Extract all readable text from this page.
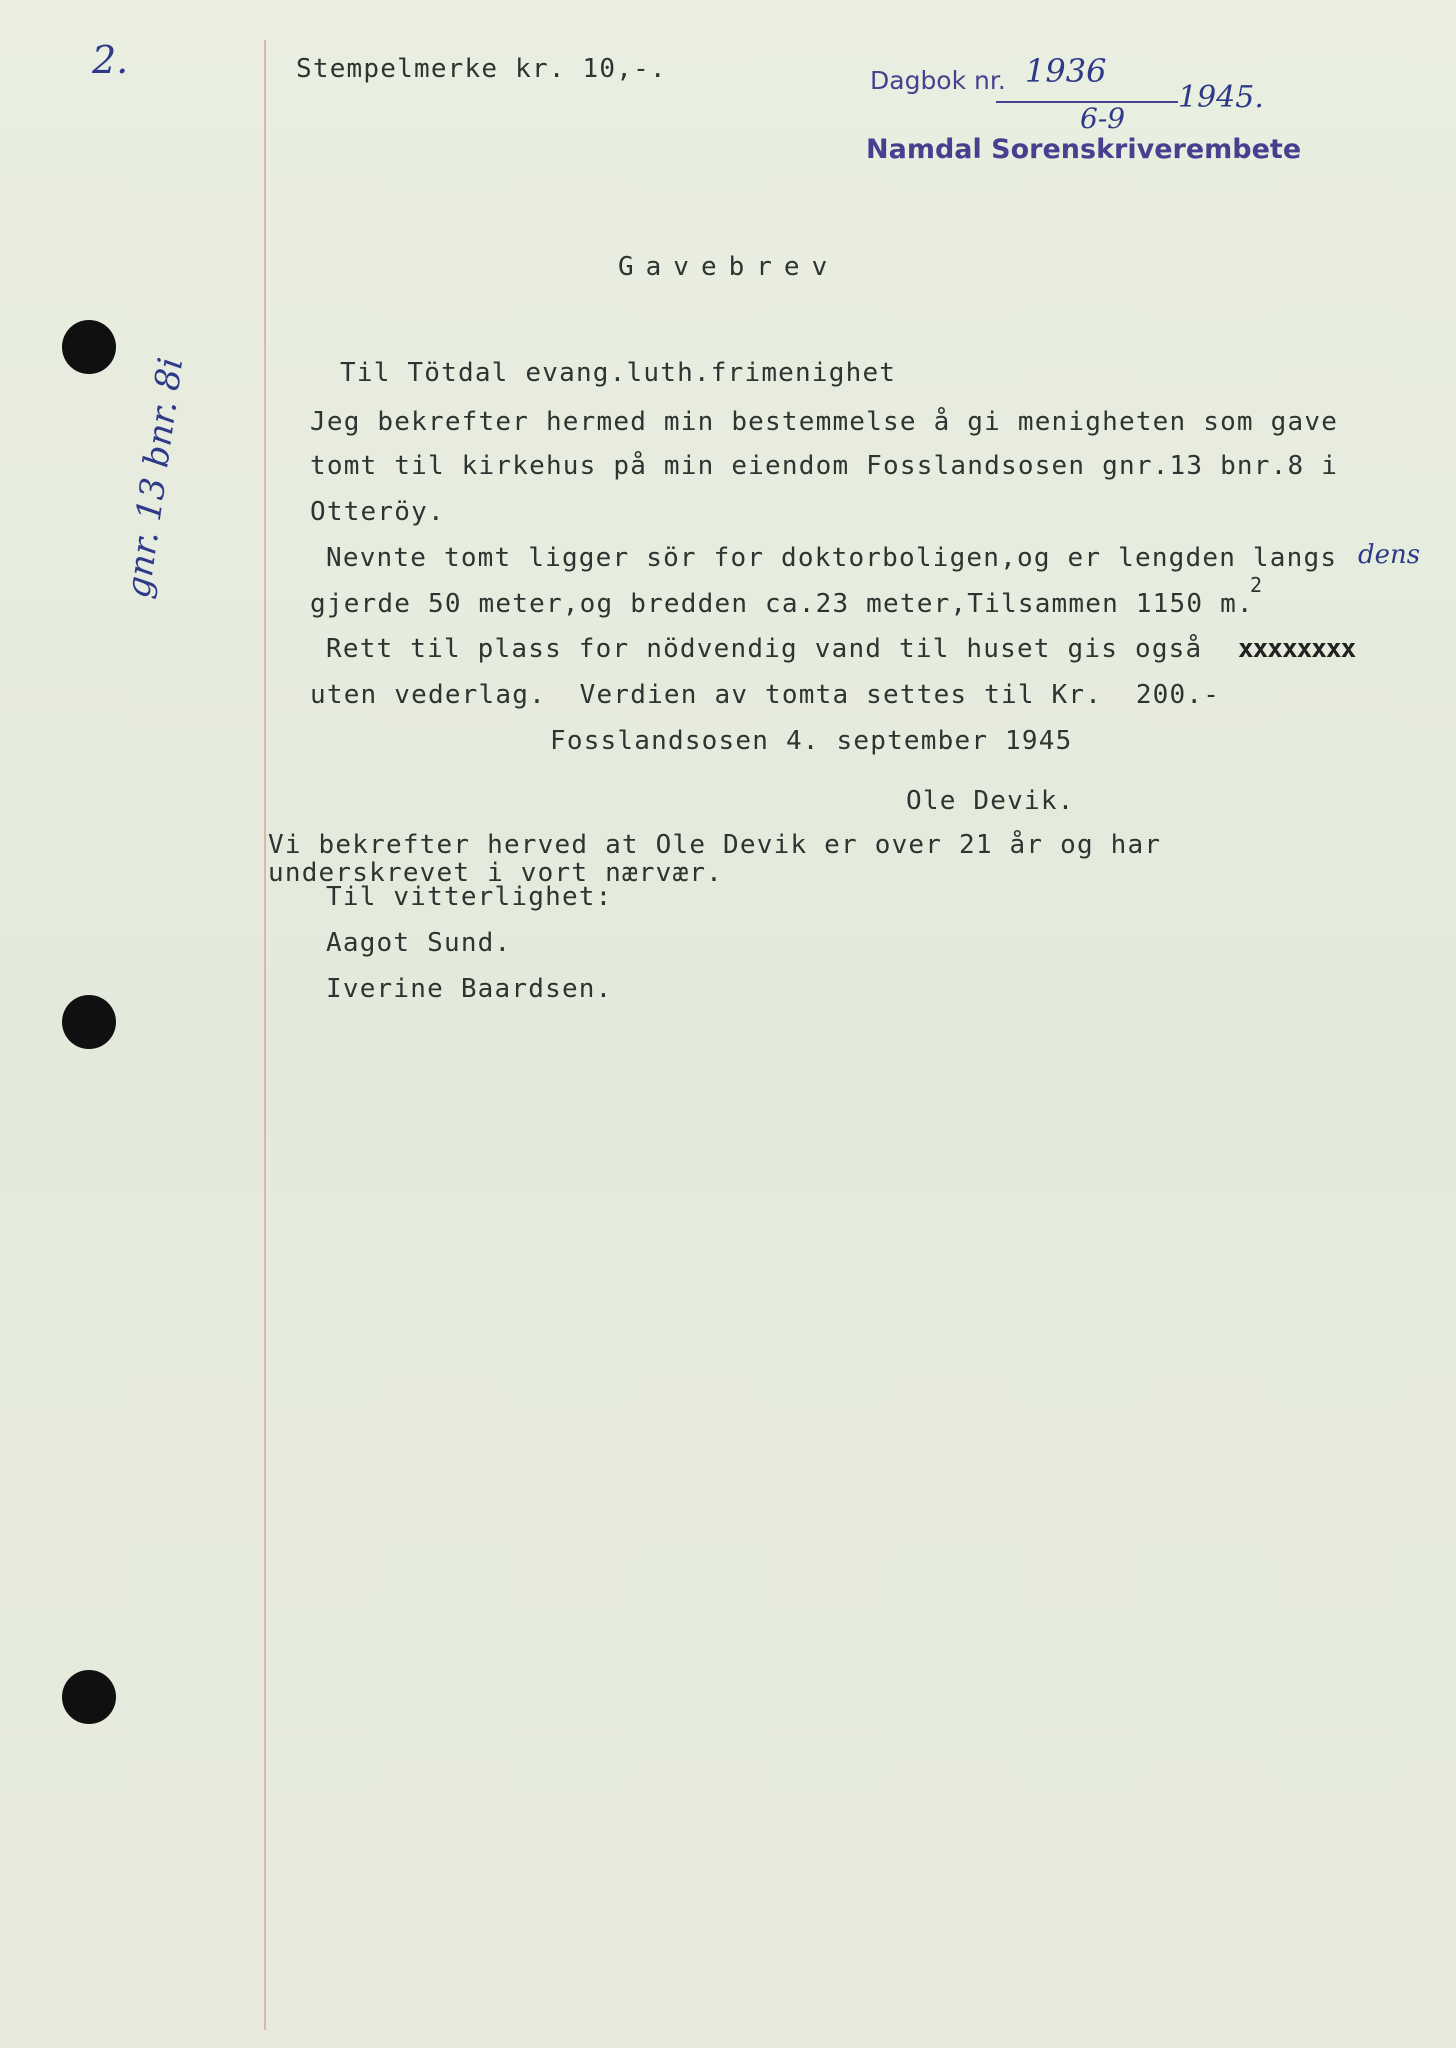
2.	Stempelmerke kr. 10,-.	Dagbok nr. 1936
1945.
6-9
Namdal Sorenskriverembete
Gavebrev
Til Tötdal evang.luth.frimenighet
Jeg bekrefter hermed min bestemmelse å gi menigheten som gave
tomt til kirkehus på min eiendom Fosslandsosen gnr.13 bnr.8 i
Otteröy.
Nevnte tomt ligger sör for doktorboligen,og er lengden langs dens
gjerde 50 meter,og bredden ca.23 meter,Tilsammen 1150 m.
2
Rett til plass for nödvendig vand til huset gis også xxxxxxxx
uten vederlag.  Verdien av tomta settes til Kr.  200.-
Fosslandsosen 4. september 1945
Ole Devik.
Vi bekrefter herved at Ole Devik er over 21 år og har
underskrevet i vort nærvær.
Til vitterlighet:
Aagot Sund.
Iverine Baardsen.
gnr. 13 bnr. 8i
